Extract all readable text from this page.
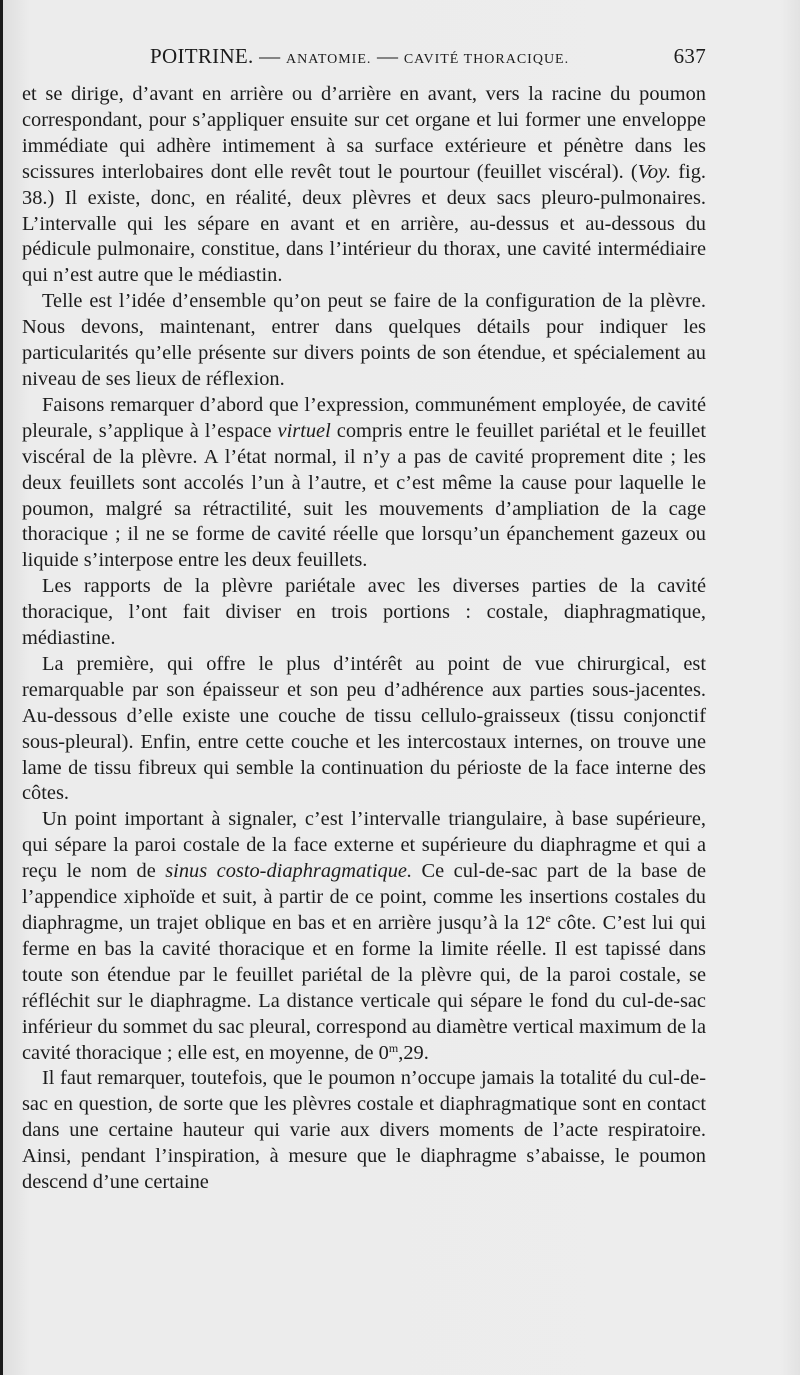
POITRINE. — ANATOMIE. — CAVITÉ THORACIQUE.	637

et se dirige, d’avant en arrière ou d’arrière en avant, vers la racine du poumon correspondant, pour s’appliquer ensuite sur cet organe et lui former une enveloppe immédiate qui adhère intimement à sa surface extérieure et pénètre dans les scissures interlobaires dont elle revêt tout le pourtour (feuillet viscéral). (Voy. fig. 38.) Il existe, donc, en réalité, deux plèvres et deux sacs pleuro-pulmonaires. L’intervalle qui les sépare en avant et en arrière, au-dessus et au-dessous du pédicule pulmonaire, constitue, dans l’intérieur du thorax, une cavité intermédiaire qui n’est autre que le médiastin.

Telle est l’idée d’ensemble qu’on peut se faire de la configuration de la plèvre. Nous devons, maintenant, entrer dans quelques détails pour indiquer les particularités qu’elle présente sur divers points de son étendue, et spécialement au niveau de ses lieux de réflexion.

Faisons remarquer d’abord que l’expression, communément employée, de cavité pleurale, s’applique à l’espace virtuel compris entre le feuillet pariétal et le feuillet viscéral de la plèvre. A l’état normal, il n’y a pas de cavité proprement dite ; les deux feuillets sont accolés l’un à l’autre, et c’est même la cause pour laquelle le poumon, malgré sa rétractilité, suit les mouvements d’ampliation de la cage thoracique ; il ne se forme de cavité réelle que lorsqu’un épanchement gazeux ou liquide s’interpose entre les deux feuillets.

Les rapports de la plèvre pariétale avec les diverses parties de la cavité thoracique, l’ont fait diviser en trois portions : costale, diaphragmatique, médiastine.

La première, qui offre le plus d’intérêt au point de vue chirurgical, est remarquable par son épaisseur et son peu d’adhérence aux parties sous-jacentes. Au-dessous d’elle existe une couche de tissu cellulo-graisseux (tissu conjonctif sous-pleural). Enfin, entre cette couche et les intercostaux internes, on trouve une lame de tissu fibreux qui semble la continuation du périoste de la face interne des côtes.

Un point important à signaler, c’est l’intervalle triangulaire, à base supérieure, qui sépare la paroi costale de la face externe et supérieure du diaphragme et qui a reçu le nom de sinus costo-diaphragmatique. Ce cul-de-sac part de la base de l’appendice xiphoïde et suit, à partir de ce point, comme les insertions costales du diaphragme, un trajet oblique en bas et en arrière jusqu’à la 12e côte. C’est lui qui ferme en bas la cavité thoracique et en forme la limite réelle. Il est tapissé dans toute son étendue par le feuillet pariétal de la plèvre qui, de la paroi costale, se réfléchit sur le diaphragme. La distance verticale qui sépare le fond du cul-de-sac inférieur du sommet du sac pleural, correspond au diamètre vertical maximum de la cavité thoracique ; elle est, en moyenne, de 0$^m$,29.

Il faut remarquer, toutefois, que le poumon n’occupe jamais la totalité du cul-de-sac en question, de sorte que les plèvres costale et diaphragmatique sont en contact dans une certaine hauteur qui varie aux divers moments de l’acte respiratoire. Ainsi, pendant l’inspiration, à mesure que le diaphragme s’abaisse, le poumon descend d’une certaine
